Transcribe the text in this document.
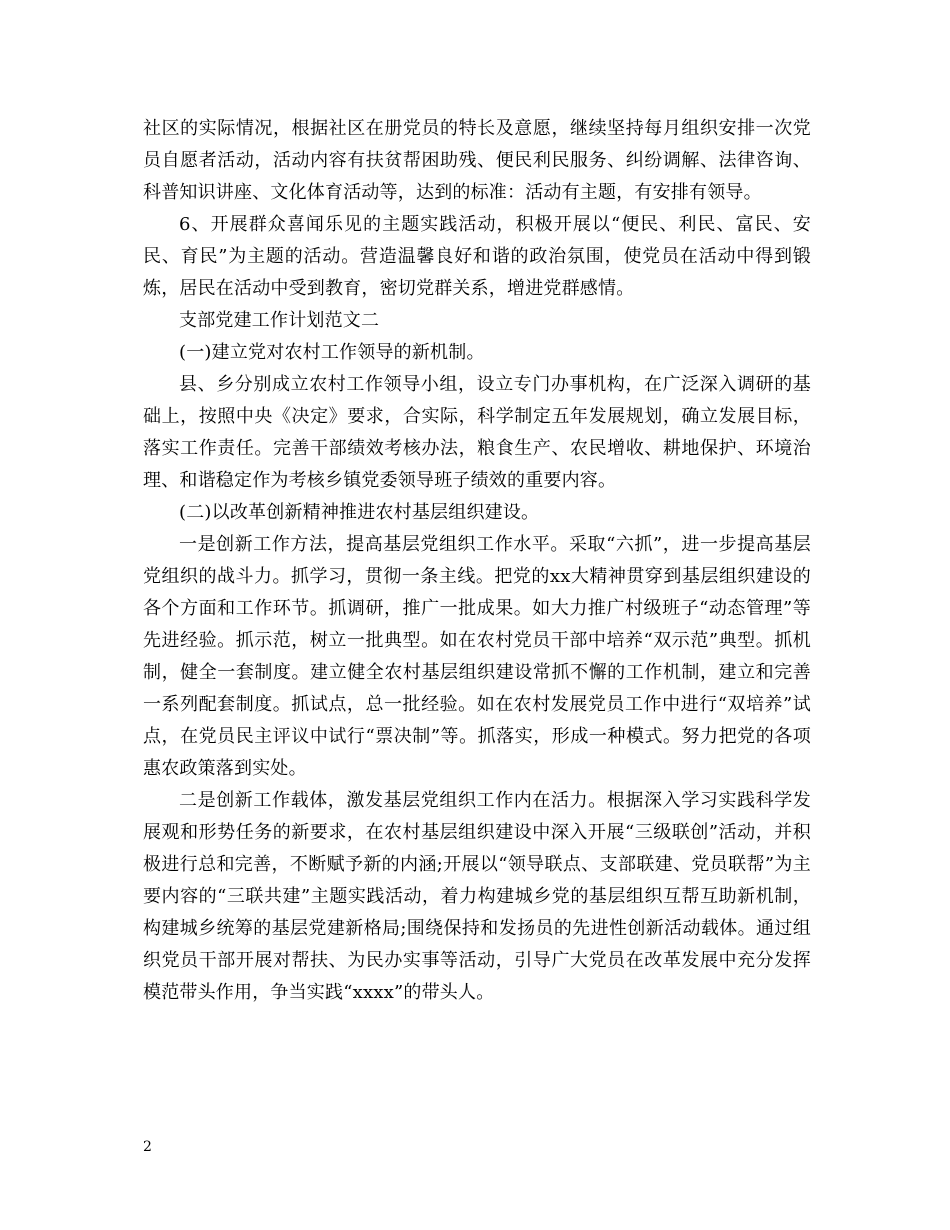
社区的实际情况，根据社区在册党员的特长及意愿，继续坚持每月组织安排一次党员自愿者活动，活动内容有扶贫帮困助残、便民利民服务、纠纷调解、法律咨询、科普知识讲座、文化体育活动等，达到的标准：活动有主题，有安排有领导。

6、开展群众喜闻乐见的主题实践活动，积极开展以“便民、利民、富民、安民、育民”为主题的活动。营造温馨良好和谐的政治氛围，使党员在活动中得到锻炼，居民在活动中受到教育，密切党群关系，增进党群感情。

支部党建工作计划范文二

(一)建立党对农村工作领导的新机制。

县、乡分别成立农村工作领导小组，设立专门办事机构，在广泛深入调研的基础上，按照中央《决定》要求，合实际，科学制定五年发展规划，确立发展目标，落实工作责任。完善干部绩效考核办法，粮食生产、农民增收、耕地保护、环境治理、和谐稳定作为考核乡镇党委领导班子绩效的重要内容。

(二)以改革创新精神推进农村基层组织建设。

一是创新工作方法，提高基层党组织工作水平。采取“六抓”，进一步提高基层党组织的战斗力。抓学习，贯彻一条主线。把党的xx大精神贯穿到基层组织建设的各个方面和工作环节。抓调研，推广一批成果。如大力推广村级班子“动态管理”等先进经验。抓示范，树立一批典型。如在农村党员干部中培养“双示范”典型。抓机制，健全一套制度。建立健全农村基层组织建设常抓不懈的工作机制，建立和完善一系列配套制度。抓试点，总一批经验。如在农村发展党员工作中进行“双培养”试点，在党员民主评议中试行“票决制”等。抓落实，形成一种模式。努力把党的各项惠农政策落到实处。

二是创新工作载体，激发基层党组织工作内在活力。根据深入学习实践科学发展观和形势任务的新要求，在农村基层组织建设中深入开展“三级联创”活动，并积极进行总和完善，不断赋予新的内涵;开展以“领导联点、支部联建、党员联帮”为主要内容的“三联共建”主题实践活动，着力构建城乡党的基层组织互帮互助新机制，构建城乡统筹的基层党建新格局;围绕保持和发扬员的先进性创新活动载体。通过组织党员干部开展对帮扶、为民办实事等活动，引导广大党员在改革发展中充分发挥模范带头作用，争当实践“xxxx”的带头人。

2
